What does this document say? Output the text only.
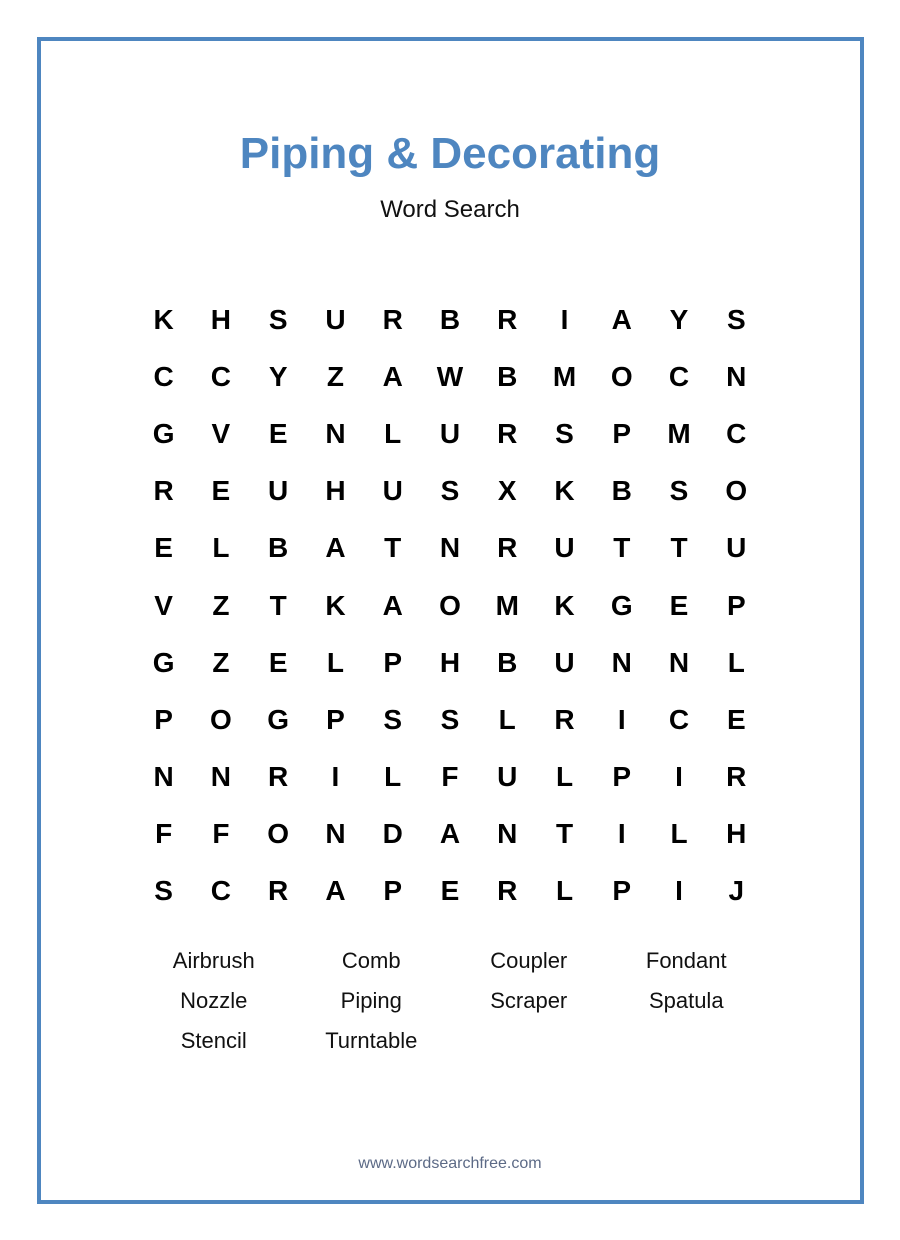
Piping & Decorating
Word Search
K	H	S	U	R	B	R	I	A	Y	S
C	C	Y	Z	A	W	B	M	O	C	N
G	V	E	N	L	U	R	S	P	M	C
R	E	U	H	U	S	X	K	B	S	O
E	L	B	A	T	N	R	U	T	T	U
V	Z	T	K	A	O	M	K	G	E	P
G	Z	E	L	P	H	B	U	N	N	L
P	O	G	P	S	S	L	R	I	C	E
N	N	R	I	L	F	U	L	P	I	R
F	F	O	N	D	A	N	T	I	L	H
S	C	R	A	P	E	R	L	P	I	J
Airbrush	Comb	Coupler	Fondant
Nozzle	Piping	Scraper	Spatula
Stencil	Turntable
www.wordsearchfree.com
